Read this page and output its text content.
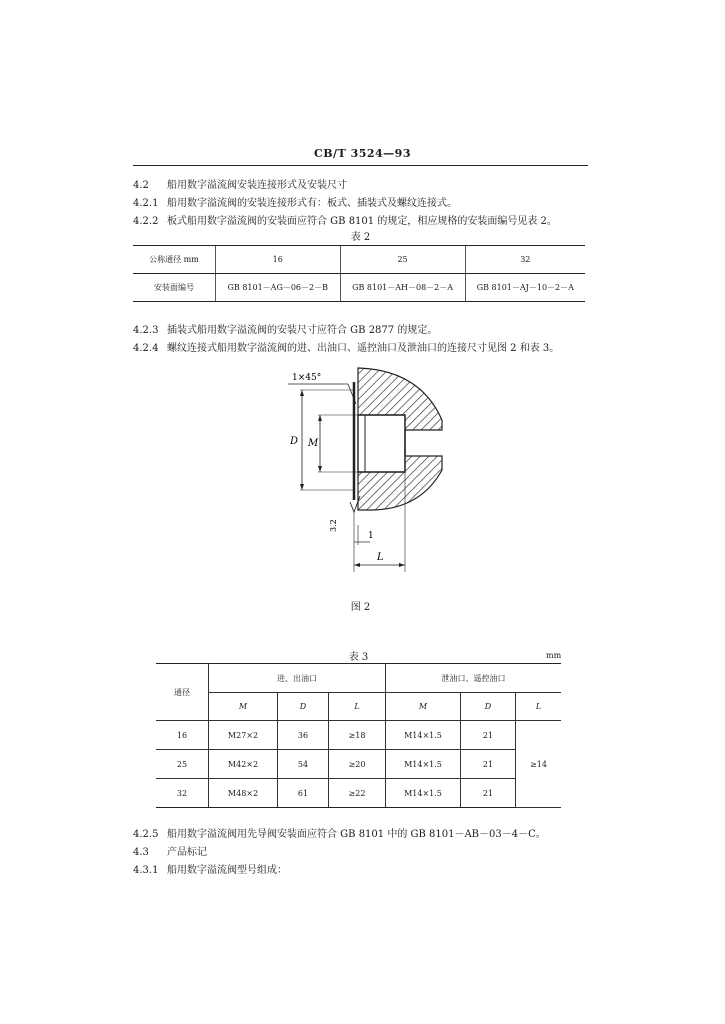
CB/T 3524—93
4.2 船用数字溢流阀安装连接形式及安装尺寸
4.2.1 船用数字溢流阀的安装连接形式有：板式、插装式及螺纹连接式。
4.2.2 板式船用数字溢流阀的安装面应符合 GB 8101 的规定，相应规格的安装面编号见表 2。
表 2
公称通径 mm	16	25	32
安装面编号	GB 8101－AG－06－2－B	GB 8101－AH－08－2－A	GB 8101－AJ－10－2－A
4.2.3 插装式船用数字溢流阀的安装尺寸应符合 GB 2877 的规定。
4.2.4 螺纹连接式船用数字溢流阀的进、出油口、遥控油口及泄油口的连接尺寸见图 2 和表 3。
1×45°
D M
3.2
1
L
图 2
表 3	mm
通径	进、出油口			泄油口、遥控油口		
	M	D	L	M	D	L
16	M27×2	36	≥18	M14×1.5	21	≥14
25	M42×2	54	≥20	M14×1.5	21	
32	M48×2	61	≥22	M14×1.5	21	
4.2.5 船用数字溢流阀用先导阀安装面应符合 GB 8101 中的 GB 8101－AB－03－4－C。
4.3 产品标记
4.3.1 船用数字溢流阀型号组成：
